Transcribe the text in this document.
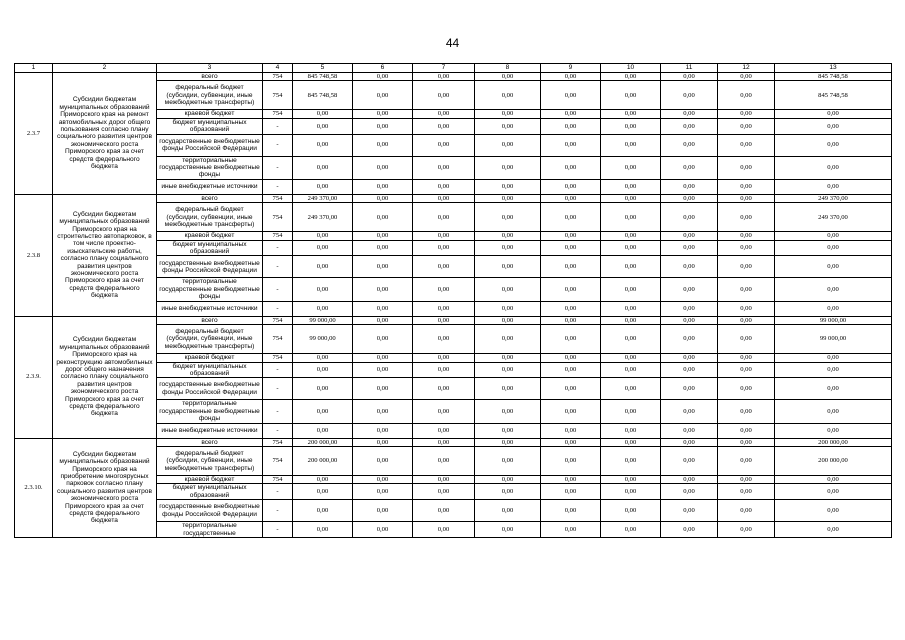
44
1	2	3	4	5	6	7	8	9	10	11	12	13
2.3.7	Субсидии бюджетам муниципальных образований Приморского края на ремонт автомобильных дорог общего пользования согласно плану социального развития центров экономического роста Приморского края за счет средств федерального бюджета	всего	754	845 748,58	0,00	0,00	0,00	0,00	0,00	0,00	0,00	845 748,58
		федеральный бюджет (субсидии, субвенции, иные межбюджетные трансферты)	754	845 748,58	0,00	0,00	0,00	0,00	0,00	0,00	0,00	845 748,58
		краевой бюджет	754	0,00	0,00	0,00	0,00	0,00	0,00	0,00	0,00	0,00
		бюджет муниципальных образований	-	0,00	0,00	0,00	0,00	0,00	0,00	0,00	0,00	0,00
		государственные внебюджетные фонды Российской Федерации	-	0,00	0,00	0,00	0,00	0,00	0,00	0,00	0,00	0,00
		территориальные государственные внебюджетные фонды	-	0,00	0,00	0,00	0,00	0,00	0,00	0,00	0,00	0,00
		иные внебюджетные источники	-	0,00	0,00	0,00	0,00	0,00	0,00	0,00	0,00	0,00
2.3.8	Субсидии бюджетам муниципальных образований Приморского края на строительство автопарковок, в том числе проектно-изыскательские работы, согласно плану социального развития центров экономического роста Приморского края за счет средств федерального бюджета	всего	754	249 370,00	0,00	0,00	0,00	0,00	0,00	0,00	0,00	249 370,00
		федеральный бюджет (субсидии, субвенции, иные межбюджетные трансферты)	754	249 370,00	0,00	0,00	0,00	0,00	0,00	0,00	0,00	249 370,00
		краевой бюджет	754	0,00	0,00	0,00	0,00	0,00	0,00	0,00	0,00	0,00
		бюджет муниципальных образований	-	0,00	0,00	0,00	0,00	0,00	0,00	0,00	0,00	0,00
		государственные внебюджетные фонды Российской Федерации	-	0,00	0,00	0,00	0,00	0,00	0,00	0,00	0,00	0,00
		территориальные государственные внебюджетные фонды	-	0,00	0,00	0,00	0,00	0,00	0,00	0,00	0,00	0,00
		иные внебюджетные источники	-	0,00	0,00	0,00	0,00	0,00	0,00	0,00	0,00	0,00
2.3.9.	Субсидии бюджетам муниципальных образований Приморского края на реконструкцию автомобильных дорог общего назначения согласно плану социального развития центров экономического роста Приморского края за счет средств федерального бюджета	всего	754	99 000,00	0,00	0,00	0,00	0,00	0,00	0,00	0,00	99 000,00
		федеральный бюджет (субсидии, субвенции, иные межбюджетные трансферты)	754	99 000,00	0,00	0,00	0,00	0,00	0,00	0,00	0,00	99 000,00
		краевой бюджет	754	0,00	0,00	0,00	0,00	0,00	0,00	0,00	0,00	0,00
		бюджет муниципальных образований	-	0,00	0,00	0,00	0,00	0,00	0,00	0,00	0,00	0,00
		государственные внебюджетные фонды Российской Федерации	-	0,00	0,00	0,00	0,00	0,00	0,00	0,00	0,00	0,00
		территориальные государственные внебюджетные фонды	-	0,00	0,00	0,00	0,00	0,00	0,00	0,00	0,00	0,00
		иные внебюджетные источники	-	0,00	0,00	0,00	0,00	0,00	0,00	0,00	0,00	0,00
2.3.10.	Субсидии бюджетам муниципальных образований Приморского края на приобретение многоярусных парковок согласно плану социального развития центров экономического роста Приморского края за счет средств федерального бюджета	всего	754	200 000,00	0,00	0,00	0,00	0,00	0,00	0,00	0,00	200 000,00
		федеральный бюджет (субсидии, субвенции, иные межбюджетные трансферты)	754	200 000,00	0,00	0,00	0,00	0,00	0,00	0,00	0,00	200 000,00
		краевой бюджет	754	0,00	0,00	0,00	0,00	0,00	0,00	0,00	0,00	0,00
		бюджет муниципальных образований	-	0,00	0,00	0,00	0,00	0,00	0,00	0,00	0,00	0,00
		государственные внебюджетные фонды Российской Федерации	-	0,00	0,00	0,00	0,00	0,00	0,00	0,00	0,00	0,00
		территориальные государственные	-	0,00	0,00	0,00	0,00	0,00	0,00	0,00	0,00	0,00
